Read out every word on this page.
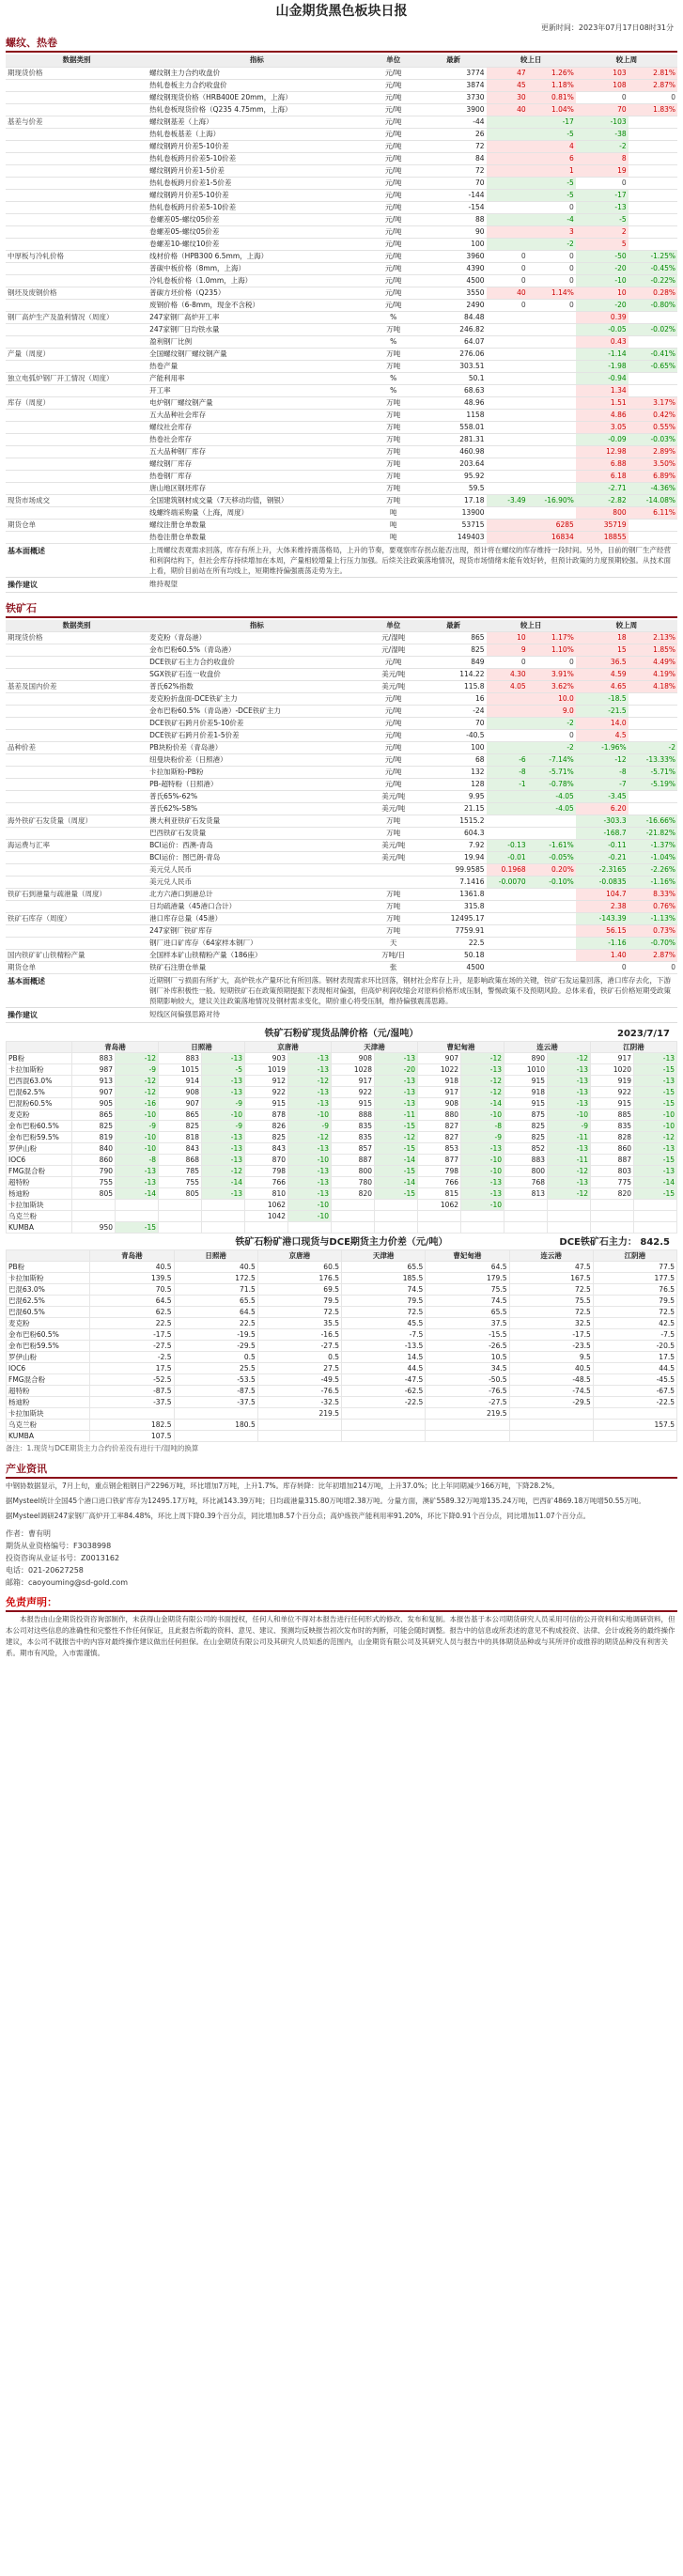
山金期货黑色板块日报
更新时间：2023年07月17日08时31分
螺纹、热卷
数据类别	指标	单位	最新	较上日		较上周	
期现货价格	螺纹钢主力合约收盘价	元/吨	3774	47	1.26%	103	2.81%
	热轧卷板主力合约收盘价	元/吨	3874	45	1.18%	108	2.87%
	螺纹钢现货价格（HRB400E 20mm，上海）	元/吨	3730	30	0.81%	0	0
	热轧卷板现货价格（Q235 4.75mm，上海）	元/吨	3900	40	1.04%	70	1.83%
基差与价差	螺纹钢基差（上海）	元/吨	-44	-17		-103	
	热轧卷板基差（上海）	元/吨	26	-5		-38	
	螺纹钢跨月价差5-10价差	元/吨	72	4		-2	
	热轧卷板跨月价差5-10价差	元/吨	84	6		8	
	螺纹钢跨月价差1-5价差	元/吨	72	1		19	
	热轧卷板跨月价差1-5价差	元/吨	70	-5		0	
	螺纹钢跨月价差5-10价差	元/吨	-144	-5		-17	
	热轧卷板跨月价差5-10价差	元/吨	-154	0		-13	
	卷螺差05-螺纹05价差	元/吨	88	-4		-5	
	卷螺差05-螺纹05价差	元/吨	90	3		2	
	卷螺差10-螺纹10价差	元/吨	100	-2		5	
中厚板与冷轧价格	线材价格（HPB300 6.5mm，上海）	元/吨	3960	0	0	-50	-1.25%
	普碳中板价格（8mm，上海）	元/吨	4390	0	0	-20	-0.45%
	冷轧卷板价格（1.0mm，上海）	元/吨	4500	0	0	-10	-0.22%
钢坯及废钢价格	普碳方坯价格（Q235）	元/吨	3550	40	1.14%	10	0.28%
	废钢价格（6-8mm，现金不含税）	元/吨	2490	0	0	-20	-0.80%
钢厂高炉生产及盈利情况（周度）	247家钢厂高炉开工率	%	84.48			0.39	
	247家钢厂日均铁水量	万吨	246.82			-0.05	-0.02%
	盈利钢厂比例	%	64.07			0.43	
产量（周度）	全国螺纹钢厂螺纹钢产量	万吨	276.06			-1.14	-0.41%
	热卷产量	万吨	303.51			-1.98	-0.65%
独立电弧炉钢厂开工情况（周度）	产能利用率	%	50.1			-0.94	
	开工率	%	68.63			1.34	
库存（周度）	电炉钢厂螺纹钢产量	万吨	48.96			1.51	3.17%
	五大品种社会库存	万吨	1158			4.86	0.42%
	螺纹社会库存	万吨	558.01			3.05	0.55%
	热卷社会库存	万吨	281.31			-0.09	-0.03%
	五大品种钢厂库存	万吨	460.98			12.98	2.89%
	螺纹钢厂库存	万吨	203.64			6.88	3.50%
	热卷钢厂库存	万吨	95.92			6.18	6.89%
	唐山地区钢坯库存	万吨	59.5			-2.71	-4.36%
现货市场成交	全国建筑钢材成交量（7天移动均值，钢银）	万吨	17.18	-3.49	-16.90%	-2.82	-14.08%
	线螺终端采购量（上海，周度）	吨	13900			800	6.11%
期货仓单	螺纹注册仓单数量	吨	53715	6285		35719	
	热卷注册仓单数量	吨	149403	16834		18855	
基本面概述	上周螺纹表观需求回落，库存有所上升，大体来维持震荡格局，上升的节奏，要观察库存拐点能否出现，预计将在螺纹的库存维持一段时间。另外，目前的钢厂生产经营和利润结构下，但社会库存持续增加在本周，产量相较增量上行压力加强。后续关注政策落地情况，现货市场情绪未能有效好转，但预计政策的力度预期较强。从技术面上看，期价目前站在所有均线上，短期维持偏强震荡走势为主。
操作建议	维持观望
铁矿石
数据类别	指标	单位	最新	较上日		较上周	
期现货价格	麦克粉（青岛港）	元/湿吨	865	10	1.17%	18	2.13%
	金布巴粉60.5%（青岛港）	元/湿吨	825	9	1.10%	15	1.85%
	DCE铁矿石主力合约收盘价	元/吨	849	0	0	36.5	4.49%
	SGX铁矿石连一收盘价	美元/吨	114.22	4.30	3.91%	4.59	4.19%
基差及国内价差	普氏62%指数	美元/吨	115.8	4.05	3.62%	4.65	4.18%
	麦克粉折盘面-DCE铁矿主力	元/吨	16	10.0		-18.5	
	金布巴粉60.5%（青岛港）-DCE铁矿主力	元/吨	-24	9.0		-21.5	
	DCE铁矿石跨月价差5-10价差	元/吨	70	-2		14.0	
	DCE铁矿石跨月价差1-5价差	元/吨	-40.5	0		4.5	
品种价差	PB块粉价差（青岛港）	元/吨	100	-2		-1.96%	-2
	纽曼块粉价差（日照港）	元/吨	68	-6	-7.14%	-12	-13.33%
	卡拉加斯粉-PB粉	元/吨	132	-8	-5.71%	-8	-5.71%
	PB-超特粉（日照港）	元/吨	128	-1	-0.78%	-7	-5.19%
	普氏65%-62%	美元/吨	9.95	-4.05		-3.45	
	普氏62%-58%	美元/吨	21.15	-4.05		6.20	
海外铁矿石发货量（周度）	澳大利亚铁矿石发货量	万吨	1515.2			-303.3	-16.66%
	巴西铁矿石发货量	万吨	604.3			-168.7	-21.82%
海运费与汇率	BCI运价：西澳-青岛	美元/吨	7.92	-0.13	-1.61%	-0.11	-1.37%
	BCI运价：图巴朗-青岛	美元/吨	19.94	-0.01	-0.05%	-0.21	-1.04%
	美元兑人民币		99.9585	0.1968	0.20%	-2.3165	-2.26%
	美元兑人民币		7.1416	-0.0070	-0.10%	-0.0835	-1.16%
铁矿石到港量与疏港量（周度）	北方六港口到港总计	万吨	1361.8			104.7	8.33%
	日均疏港量（45港口合计）	万吨	315.8			2.38	0.76%
铁矿石库存（周度）	港口库存总量（45港）	万吨	12495.17			-143.39	-1.13%
	247家钢厂铁矿库存	万吨	7759.91			56.15	0.73%
	钢厂进口矿库存（64家样本钢厂）	天	22.5			-1.16	-0.70%
国内铁矿矿山铁精粉产量	全国样本矿山铁精粉产量（186座）	万吨/日	50.18			1.40	2.87%
期货仓单	铁矿石注册仓单量	张	4500			0	0
基本面概述	近期钢厂亏损面有所扩大，高炉铁水产量环比有所回落。钢材表现需求环比回落，钢材社会库存上升，是影响政策在场的关键，铁矿石发运量回落，港口库存去化，下游钢厂补库积极性一般。短期铁矿石在政策预期提振下表现相对偏强，但高炉利润收缩会对原料价格形成压制，警惕政策不及预期风险。总体来看，铁矿石价格短期受政策预期影响较大，建议关注政策落地情况及钢材需求变化，期价重心将受压制，维持偏强震荡思路。
操作建议	短线区间偏强思路对待
铁矿石粉矿现货品牌价格（元/湿吨）	2023/7/17
	青岛港		日照港		京唐港		天津港		曹妃甸港		连云港		江阴港	
PB粉	883	-12	883	-13	903	-13	908	-13	907	-12	890	-12	917	-13
卡拉加斯粉	987	-9	1015	-5	1019	-13	1028	-20	1022	-13	1010	-13	1020	-15
巴西混63.0%	913	-12	914	-13	912	-12	917	-13	918	-12	915	-13	919	-13
巴混62.5%	907	-12	908	-13	922	-13	922	-13	917	-12	918	-13	922	-15
巴混粉60.5%	905	-16	907	-9	915	-13	915	-13	908	-14	915	-13	915	-15
麦克粉	865	-10	865	-10	878	-10	888	-11	880	-10	875	-10	885	-10
金布巴粉60.5%	825	-9	825	-9	826	-9	835	-15	827	-8	825	-9	835	-10
金布巴粉59.5%	819	-10	818	-13	825	-12	835	-12	827	-9	825	-11	828	-12
罗伊山粉	840	-10	843	-13	843	-13	857	-15	853	-13	852	-13	860	-13
IOC6	860	-8	868	-13	870	-10	887	-14	877	-10	883	-11	887	-15
FMG混合粉	790	-13	785	-12	798	-13	800	-15	798	-10	800	-12	803	-13
超特粉	755	-13	755	-14	766	-13	780	-14	766	-13	768	-13	775	-14
杨迪粉	805	-14	805	-13	810	-13	820	-15	815	-13	813	-12	820	-15
卡拉加斯块					1062	-10			1062	-10				
乌克兰粉					1042	-10								
KUMBA	950	-15												
铁矿石粉矿港口现货与DCE期货主力价差（元/吨）	DCE铁矿石主力： 842.5
	青岛港	日照港	京唐港	天津港	曹妃甸港	连云港	江阴港
PB粉	40.5	40.5	60.5	65.5	64.5	47.5	77.5
卡拉加斯粉	139.5	172.5	176.5	185.5	179.5	167.5	177.5
巴混63.0%	70.5	71.5	69.5	74.5	75.5	72.5	76.5
巴混62.5%	64.5	65.5	79.5	79.5	74.5	75.5	79.5
巴混60.5%	62.5	64.5	72.5	72.5	65.5	72.5	72.5
麦克粉	22.5	22.5	35.5	45.5	37.5	32.5	42.5
金布巴粉60.5%	-17.5	-19.5	-16.5	-7.5	-15.5	-17.5	-7.5
金布巴粉59.5%	-27.5	-29.5	-27.5	-13.5	-26.5	-23.5	-20.5
罗伊山粉	-2.5	0.5	0.5	14.5	10.5	9.5	17.5
IOC6	17.5	25.5	27.5	44.5	34.5	40.5	44.5
FMG混合粉	-52.5	-53.5	-49.5	-47.5	-50.5	-48.5	-45.5
超特粉	-87.5	-87.5	-76.5	-62.5	-76.5	-74.5	-67.5
杨迪粉	-37.5	-37.5	-32.5	-22.5	-27.5	-29.5	-22.5
卡拉加斯块			219.5		219.5		
乌克兰粉	182.5	180.5					157.5
KUMBA	107.5						
备注：1.现货与DCE期货主力合约价差没有进行干/湿吨的换算
产业资讯
中钢协数据显示，7月上旬，重点钢企粗钢日产2296万吨，环比增加7万吨，上升1.7%。库存转降：比年初增加214万吨，上升37.0%；比上年同期减少166万吨，下降28.2%。
据Mysteel统计全国45个港口进口铁矿库存为12495.17万吨，环比减143.39万吨；日均疏港量315.80万吨增2.38万吨。分量方面，澳矿5589.32万吨增135.24万吨，巴西矿4869.18万吨增50.55万吨。
据Mysteel调研247家钢厂高炉开工率84.48%，环比上周下降0.39个百分点，同比增加8.57个百分点；高炉炼铁产能利用率91.20%，环比下降0.91个百分点，同比增加11.07个百分点。
作者：曹有明
期货从业资格编号：F3038998
投资咨询从业证书号：Z0013162
电话：021-20627258
邮箱：caoyouming@sd-gold.com
免责声明：
本报告由山金期货投资咨询部制作，未获得山金期货有限公司的书面授权，任何人和单位不得对本报告进行任何形式的修改、发布和复制。本报告基于本公司期货研究人员采用可信的公开资料和实地调研资料，但本公司对这些信息的准确性和完整性不作任何保证，且此报告所载的资料、意见、建议、预测均反映报告初次发布时的判断，可能会随时调整。报告中的信息或所表述的意见不构成投资、法律、会计或税务的最终操作建议，本公司不就报告中的内容对最终操作建议做出任何担保。在山金期货有限公司及其研究人员知悉的范围内，山金期货有限公司及其研究人员与报告中的具体期货品种或与其所评价或推荐的期货品种没有利害关系。期市有风险，入市需谨慎。
